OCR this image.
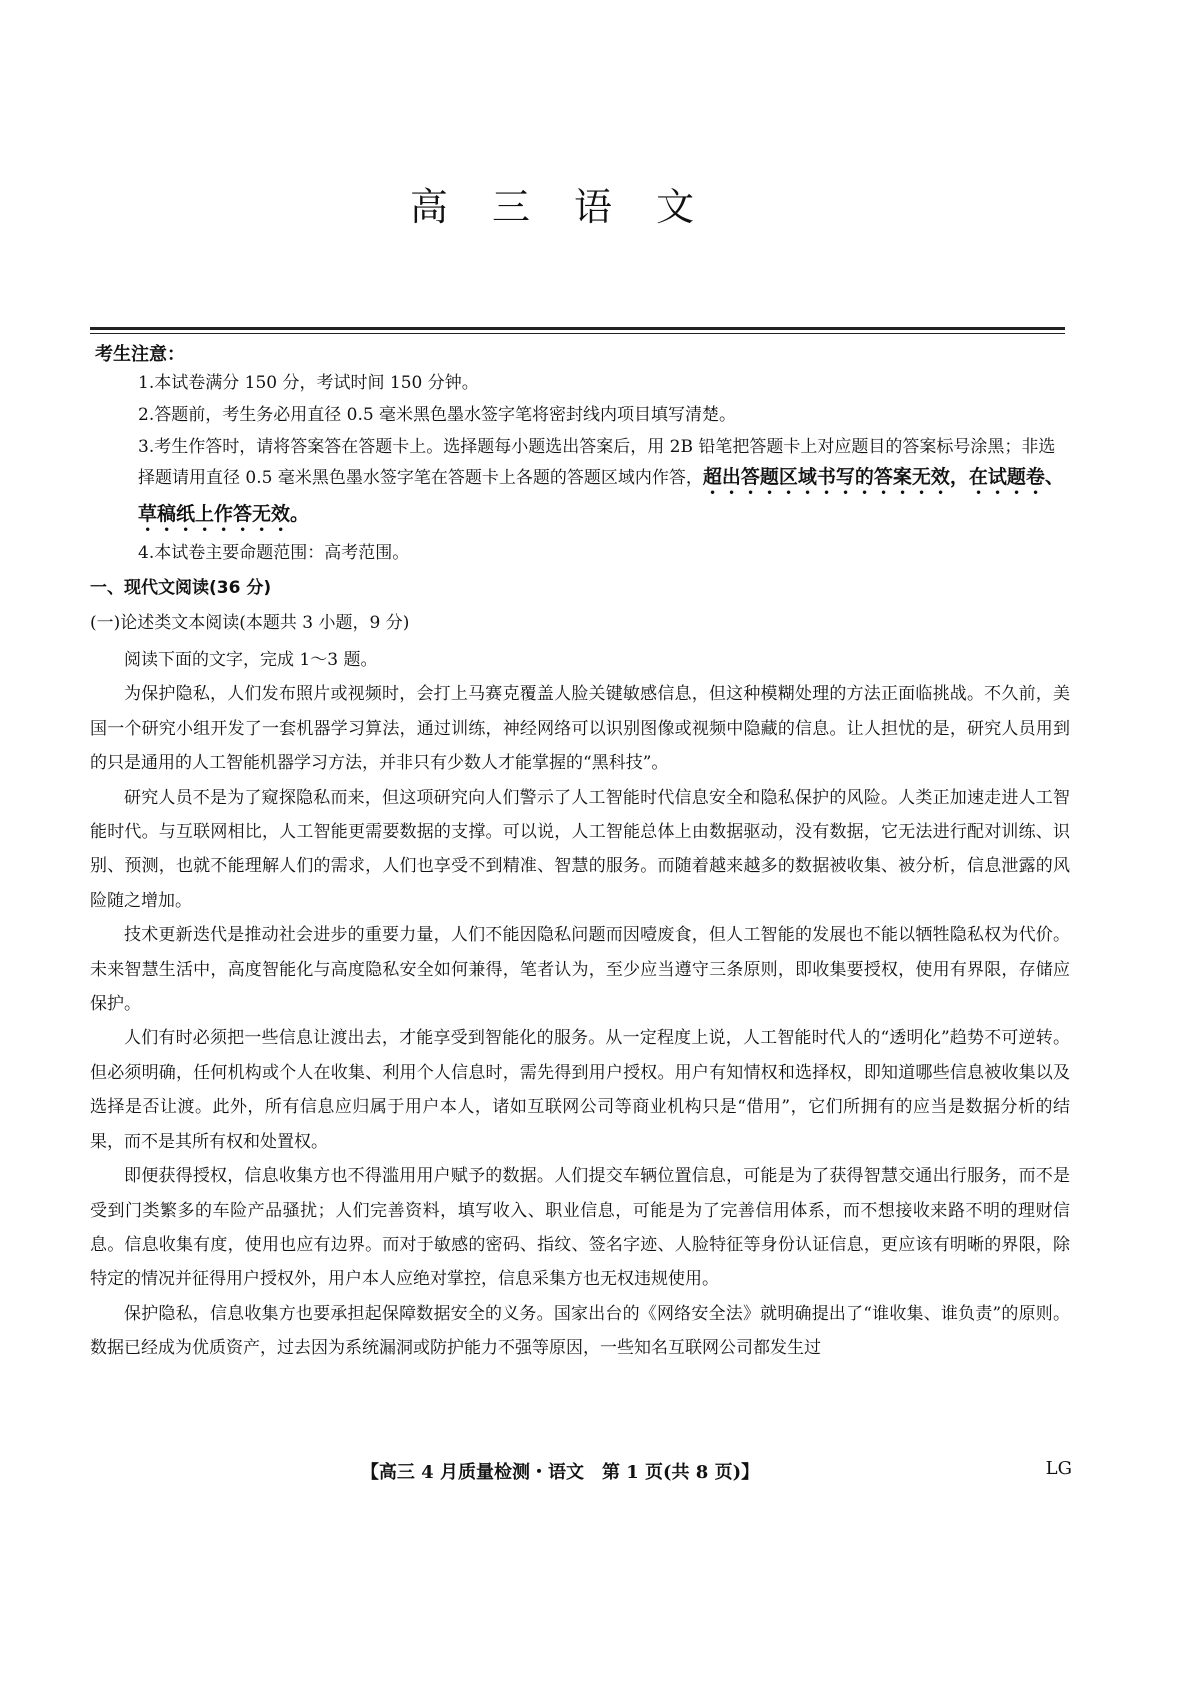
高 三 语 文

考生注意：

1.本试卷满分 150 分，考试时间 150 分钟。
2.答题前，考生务必用直径 0.5 毫米黑色墨水签字笔将密封线内项目填写清楚。
3.考生作答时，请将答案答在答题卡上。选择题每小题选出答案后，用 2B 铅笔把答题卡上对应题目的答案标号涂黑；非选择题请用直径 0.5 毫米黑色墨水签字笔在答题卡上各题的答题区域内作答，超出答题区域书写的答案无效，在试题卷、草稿纸上作答无效。
4.本试卷主要命题范围：高考范围。

一、现代文阅读(36 分)

(一)论述类文本阅读(本题共 3 小题，9 分)

阅读下面的文字，完成 1～3 题。

为保护隐私，人们发布照片或视频时，会打上马赛克覆盖人脸关键敏感信息，但这种模糊处理的方法正面临挑战。不久前，美国一个研究小组开发了一套机器学习算法，通过训练，神经网络可以识别图像或视频中隐藏的信息。让人担忧的是，研究人员用到的只是通用的人工智能机器学习方法，并非只有少数人才能掌握的“黑科技”。

研究人员不是为了窥探隐私而来，但这项研究向人们警示了人工智能时代信息安全和隐私保护的风险。人类正加速走进人工智能时代。与互联网相比，人工智能更需要数据的支撑。可以说，人工智能总体上由数据驱动，没有数据，它无法进行配对训练、识别、预测，也就不能理解人们的需求，人们也享受不到精准、智慧的服务。而随着越来越多的数据被收集、被分析，信息泄露的风险随之增加。

技术更新迭代是推动社会进步的重要力量，人们不能因隐私问题而因噎废食，但人工智能的发展也不能以牺牲隐私权为代价。未来智慧生活中，高度智能化与高度隐私安全如何兼得，笔者认为，至少应当遵守三条原则，即收集要授权，使用有界限，存储应保护。

人们有时必须把一些信息让渡出去，才能享受到智能化的服务。从一定程度上说，人工智能时代人的“透明化”趋势不可逆转。但必须明确，任何机构或个人在收集、利用个人信息时，需先得到用户授权。用户有知情权和选择权，即知道哪些信息被收集以及选择是否让渡。此外，所有信息应归属于用户本人，诸如互联网公司等商业机构只是“借用”，它们所拥有的应当是数据分析的结果，而不是其所有权和处置权。

即便获得授权，信息收集方也不得滥用用户赋予的数据。人们提交车辆位置信息，可能是为了获得智慧交通出行服务，而不是受到门类繁多的车险产品骚扰；人们完善资料，填写收入、职业信息，可能是为了完善信用体系，而不想接收来路不明的理财信息。信息收集有度，使用也应有边界。而对于敏感的密码、指纹、签名字迹、人脸特征等身份认证信息，更应该有明晰的界限，除特定的情况并征得用户授权外，用户本人应绝对掌控，信息采集方也无权违规使用。

保护隐私，信息收集方也要承担起保障数据安全的义务。国家出台的《网络安全法》就明确提出了“谁收集、谁负责”的原则。数据已经成为优质资产，过去因为系统漏洞或防护能力不强等原因，一些知名互联网公司都发生过

【高三 4 月质量检测・语文　第 1 页(共 8 页)】	LG
